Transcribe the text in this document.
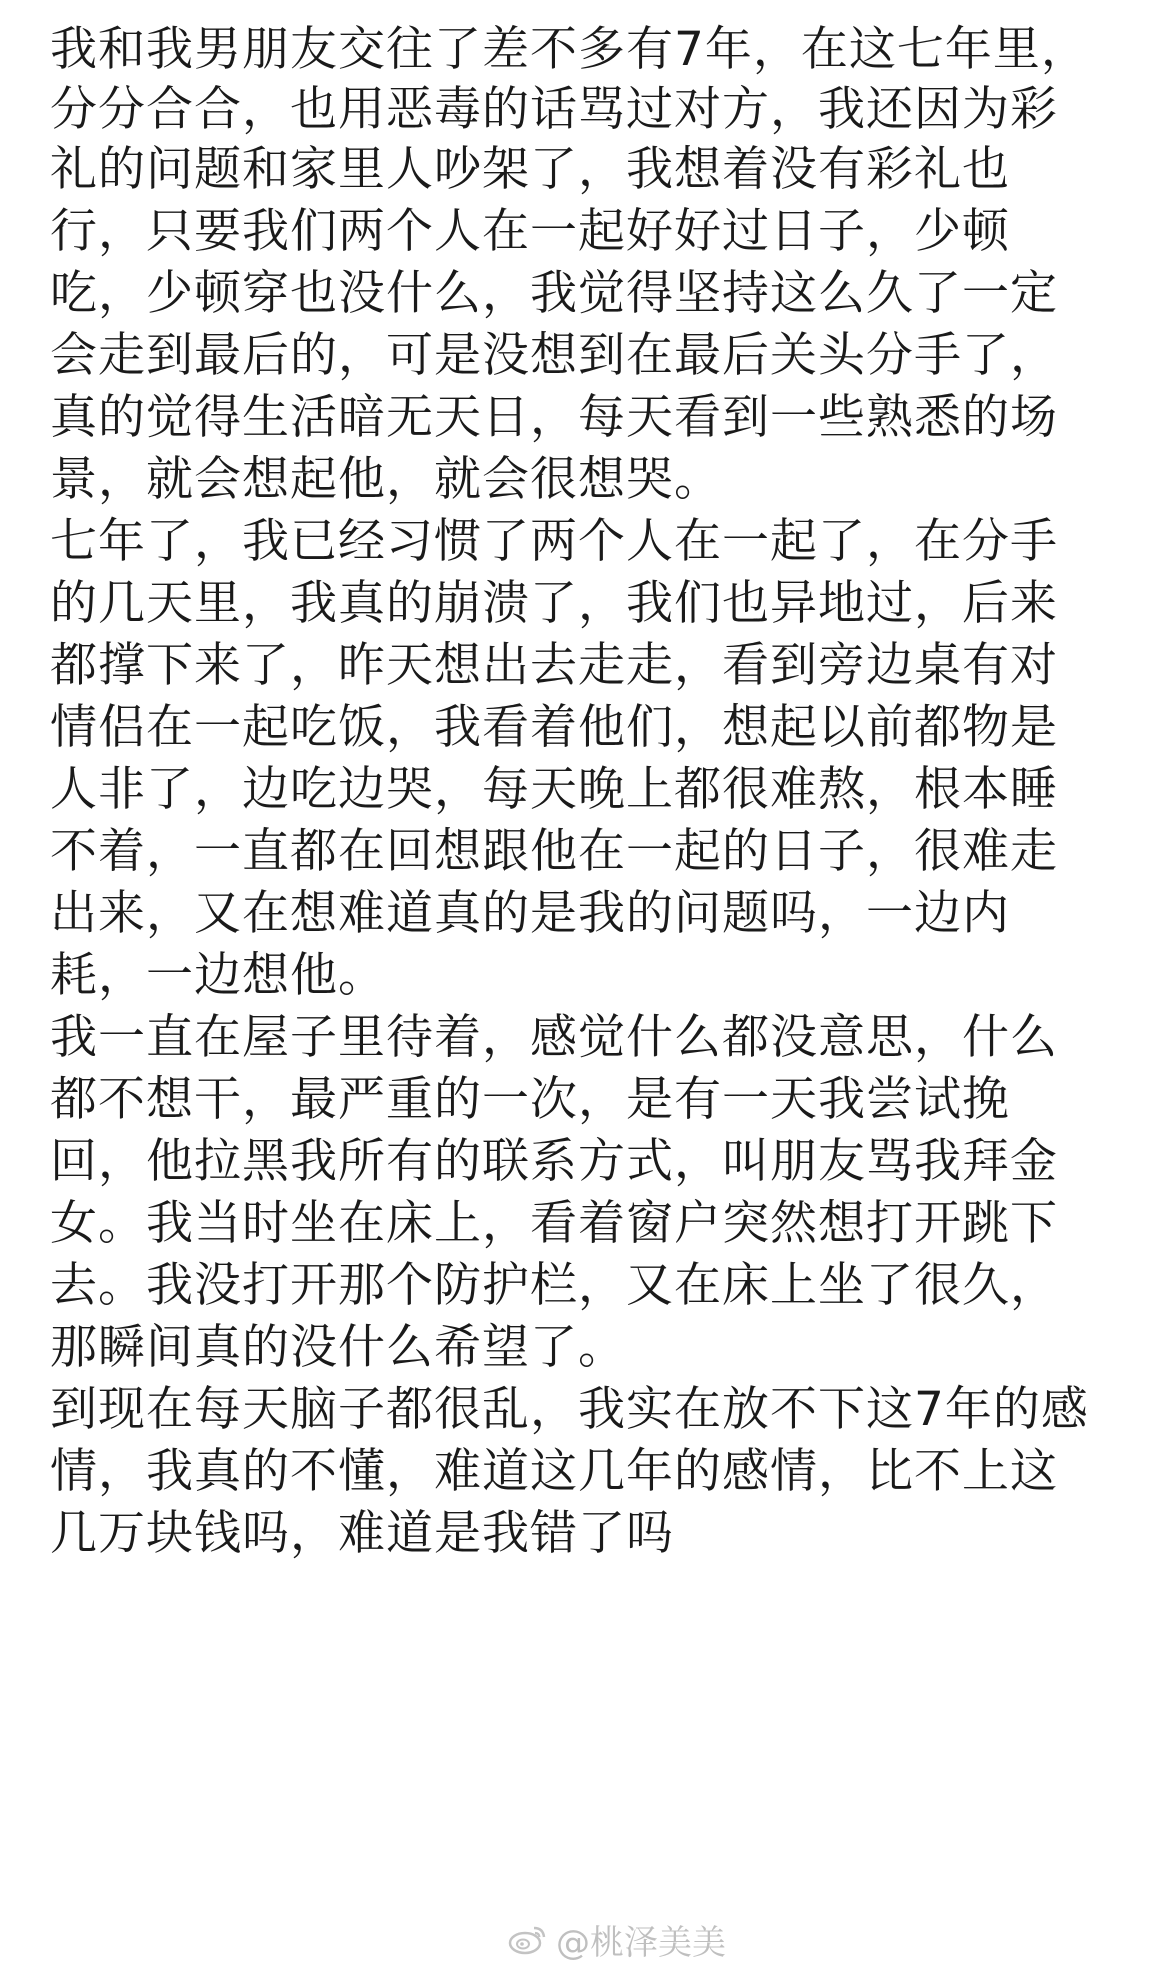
我和我男朋友交往了差不多有7年，在这七年里，
分分合合，也用恶毒的话骂过对方，我还因为彩
礼的问题和家里人吵架了，我想着没有彩礼也
行，只要我们两个人在一起好好过日子，少顿
吃，少顿穿也没什么，我觉得坚持这么久了一定
会走到最后的，可是没想到在最后关头分手了，
真的觉得生活暗无天日，每天看到一些熟悉的场
景，就会想起他，就会很想哭。
七年了，我已经习惯了两个人在一起了，在分手
的几天里，我真的崩溃了，我们也异地过，后来
都撑下来了，昨天想出去走走，看到旁边桌有对
情侣在一起吃饭，我看着他们，想起以前都物是
人非了，边吃边哭，每天晚上都很难熬，根本睡
不着，一直都在回想跟他在一起的日子，很难走
出来，又在想难道真的是我的问题吗，一边内
耗，一边想他。
我一直在屋子里待着，感觉什么都没意思，什么
都不想干，最严重的一次，是有一天我尝试挽
回，他拉黑我所有的联系方式，叫朋友骂我拜金
女。我当时坐在床上，看着窗户突然想打开跳下
去。我没打开那个防护栏，又在床上坐了很久，
那瞬间真的没什么希望了。
到现在每天脑子都很乱，我实在放不下这7年的感
情，我真的不懂，难道这几年的感情，比不上这
几万块钱吗，难道是我错了吗
@桃泽美美
